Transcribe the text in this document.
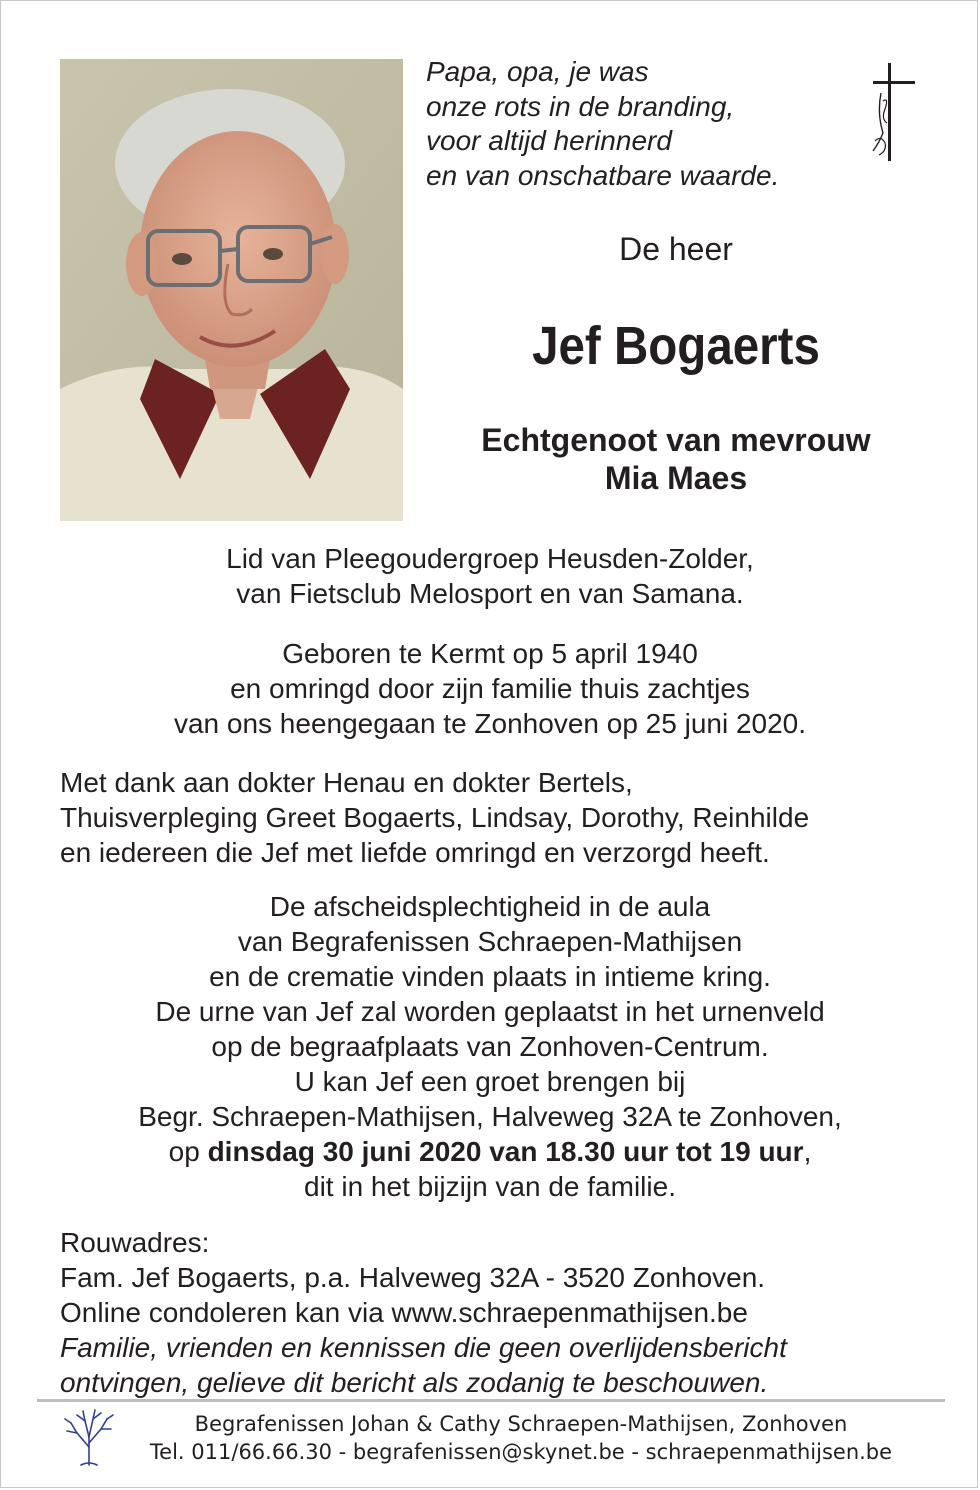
Papa, opa, je was
onze rots in de branding,
voor altijd herinnerd
en van onschatbare waarde.
De heer
Jef Bogaerts
Echtgenoot van mevrouw
Mia Maes
Lid van Pleegoudergroep Heusden-Zolder,
van Fietsclub Melosport en van Samana.
Geboren te Kermt op 5 april 1940
en omringd door zijn familie thuis zachtjes
van ons heengegaan te Zonhoven op 25 juni 2020.
Met dank aan dokter Henau en dokter Bertels,
Thuisverpleging Greet Bogaerts, Lindsay, Dorothy, Reinhilde
en iedereen die Jef met liefde omringd en verzorgd heeft.
De afscheidsplechtigheid in de aula
van Begrafenissen Schraepen-Mathijsen
en de crematie vinden plaats in intieme kring.
De urne van Jef zal worden geplaatst in het urnenveld
op de begraafplaats van Zonhoven-Centrum.
U kan Jef een groet brengen bij
Begr. Schraepen-Mathijsen, Halveweg 32A te Zonhoven,
op dinsdag 30 juni 2020 van 18.30 uur tot 19 uur,
dit in het bijzijn van de familie.
Rouwadres:
Fam. Jef Bogaerts, p.a. Halveweg 32A - 3520 Zonhoven.
Online condoleren kan via www.schraepenmathijsen.be
Familie, vrienden en kennissen die geen overlijdensbericht
ontvingen, gelieve dit bericht als zodanig te beschouwen.
Begrafenissen Johan & Cathy Schraepen-Mathijsen, Zonhoven
Tel. 011/66.66.30 - begrafenissen@skynet.be - schraepenmathijsen.be
